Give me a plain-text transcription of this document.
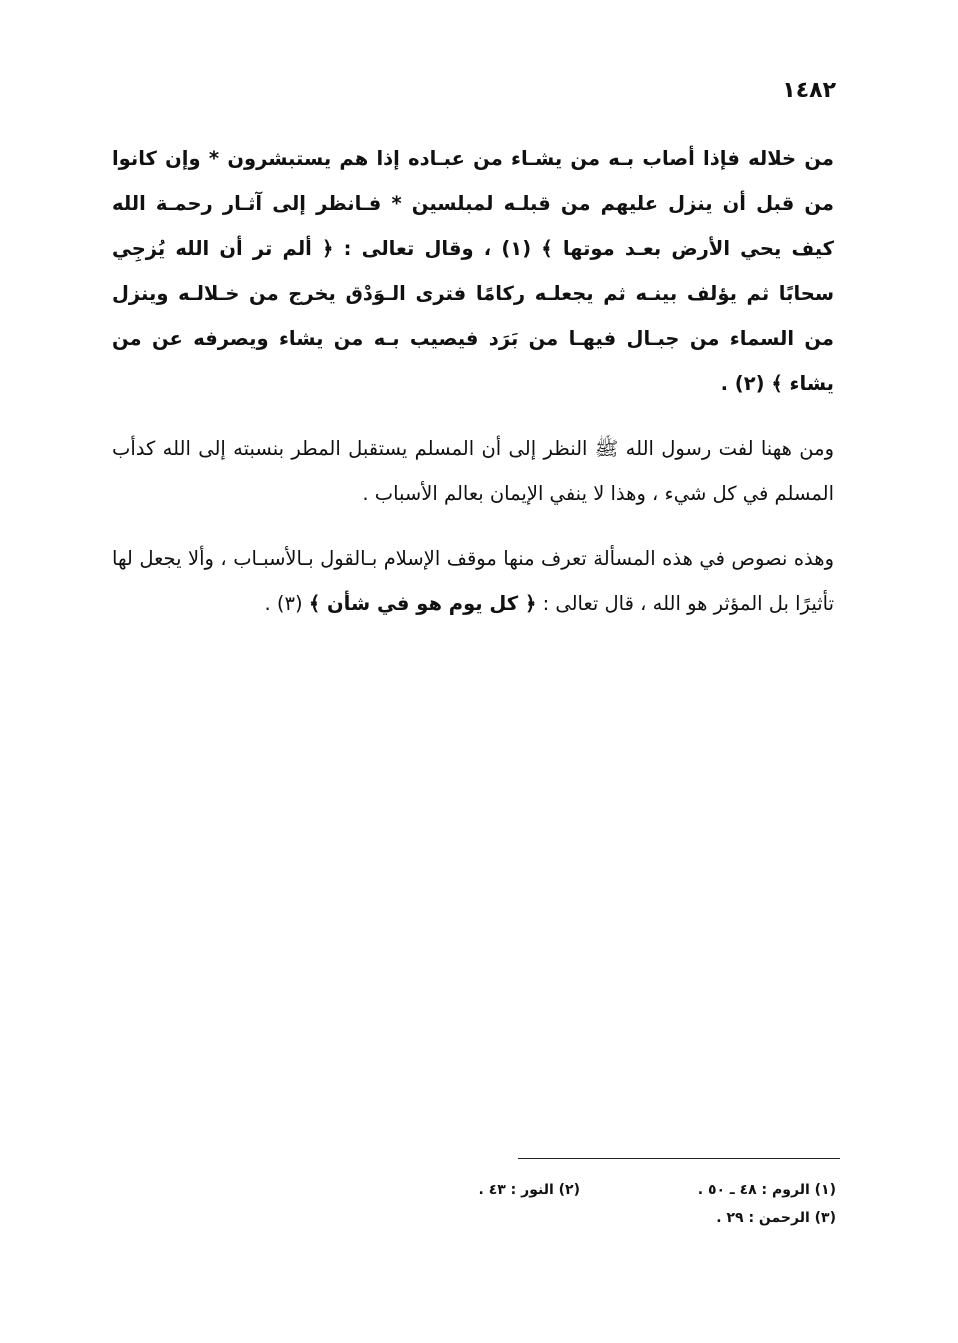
١٤٨٢

من خلاله فإذا أصاب بـه من يشـاء من عبـاده إذا هم يستبشرون * وإن كانوا من قبل أن ينزل عليهم من قبلـه لمبلسين * فـانظر إلى آثـار رحمـة الله كيف يحي الأرض بعـد موتها ﴾ (١) ، وقال تعالى : ﴿ ألم تر أن الله يُزجِي سحابًا ثم يؤلف بينـه ثم يجعلـه ركامًا فترى الـوَدْق يخرج من خـلالـه وينزل من السماء من جبـال فيهـا من بَرَد فيصيب بـه من يشاء ويصرفه عن من يشاء ﴾ (٢) .

ومن ههنا لفت رسول الله ﷺ النظر إلى أن المسلم يستقبل المطر بنسبته إلى الله كدأب المسلم في كل شيء ، وهذا لا ينفي الإيمان بعالم الأسباب .

وهذه نصوص في هذه المسألة تعرف منها موقف الإسلام بـالقول بـالأسبـاب ، وألا يجعل لها تأثيرًا بل المؤثر هو الله ، قال تعالى : ﴿ كل يوم هو في شأن ﴾ (٣) .

(١) الروم : ٤٨ ـ ٥٠ .
(٢) النور : ٤٣ .
(٣) الرحمن : ٢٩ .
